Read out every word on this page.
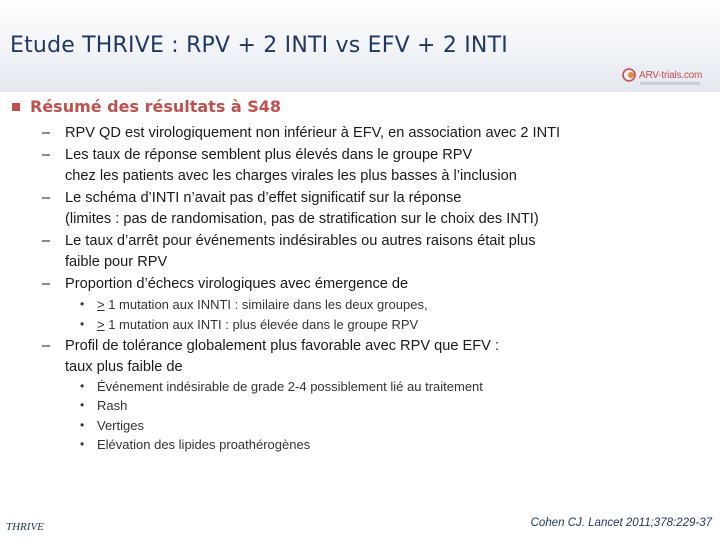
Etude THRIVE : RPV + 2 INTI vs EFV + 2 INTI
ARV-trials.com
Résumé des résultats à S48
– RPV QD est virologiquement non inférieur à EFV, en association avec 2 INTI
– Les taux de réponse semblent plus élevés dans le groupe RPV
chez les patients avec les charges virales les plus basses à l’inclusion
– Le schéma d’INTI n’avait pas d’effet significatif sur la réponse
(limites : pas de randomisation, pas de stratification sur le choix des INTI)
– Le taux d’arrêt pour événements indésirables ou autres raisons était plus
faible pour RPV
– Proportion d’échecs virologiques avec émergence de
• > 1 mutation aux INNTI : similaire dans les deux groupes,
• > 1 mutation aux INTI : plus élevée dans le groupe RPV
– Profil de tolérance globalement plus favorable avec RPV que EFV :
taux plus faible de
• Événement indésirable de grade 2-4 possiblement lié au traitement
• Rash
• Vertiges
• Elévation des lipides proathérogènes
THRIVE	Cohen CJ. Lancet 2011;378:229-37
